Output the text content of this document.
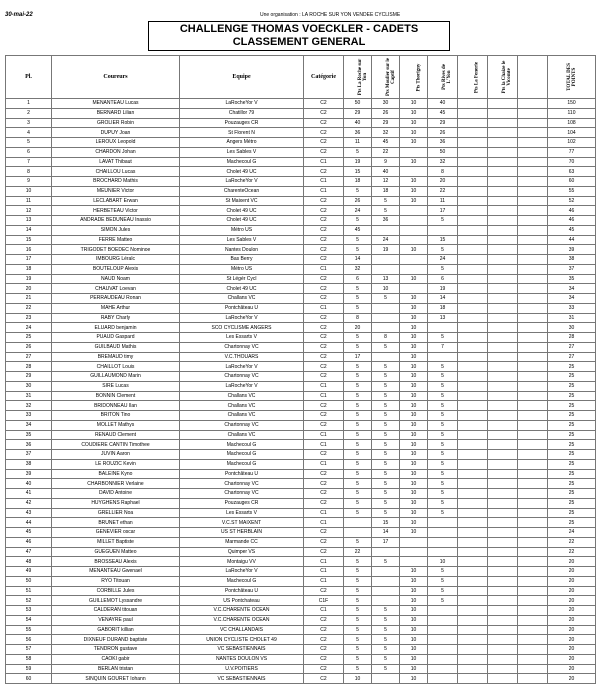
30-mai-22	Une organisation : LA ROCHE SUR YON VENDEE CYCLISME
CHALLENGE THOMAS VOECKLER - CADETS
CLASSEMENT GENERAL
Pl.	Coureurs	Equipe	Catégorie	Pts La Roche sur Yon	Pts Moulier sur le Captif	Pts Thorigny	Pts Rives de L'Yon	Pts La Fenerie	Pts la Chaize le Vicomte		TOTAL DES POINTS
1	MENANTEAU Lucas	LaRocheYor V	C2	50	30	10	40				150
2	BERNARD Lilian	Chatillor 79	C2	29	26	10	45				110
3	GROLIER Robin	Pouzauges CR	C2	40	29	10	29				108
4	DUPUY Joan	St Florent N	C2	36	32	10	26				104
5	LEROUX Leopold	Angers Métro	C2	11	45	10	36				102
6	CHARDON Johan	Les Sables V	C2	5	22		50				77
7	LAVAT Thibaut	Machecoul G	C1	19	9	10	32				70
8	CHAILLOU Lucas	Cholet 49 UC	C2	15	40		8				63
9	BROCHARD Mathis	LaRocheYor V	C1	18	12	10	20				60
10	MEUNIER Victor	CharenteOcean	C1	5	18	10	22				55
11	LECLABART Erwan	St Maixent VC	C2	26	5	10	11				52
12	HERBETEAU Victor	Cholet 49 UC	C2	24	5		17				46
13	ANDRADE BEDUNEAU Inassio	Cholet 49 UC	C2	5	36		5				46
14	SIMON Jules	Métro US	C2	45							45
15	FERRE Matteo	Les Sables V	C2	5	24		15				44
16	TRIGODET BOEDEC Nominoe	Nantes Doulon	C2	5	19	10	5				39
17	IMBOURG Léralc	Bas Berry	C2	14			24				38
18	BOUTELOUP Alexis	Métro US	C1	32			5				37
19	NAUD Noam	St Légér Cycl	C2	6	13	10	6				35
20	CHAUVAT Loevan	Cholet 49 UC	C2	5	10		19				34
21	PERRAUDEAU Ronan	Challans VC	C2	5	5	10	14				34
22	MAHE Arthur	Pontchâteau U	C1	5		10	18				33
23	RABY Charly	LaRocheYor V	C2	8		10	13				31
24	ELUARD benjamin	SCO CYCLISME ANGERS	C2	20		10					30
25	PUAUD Gaspard	Les Essarts V	C2	5	8	10	5				28
26	GUILBAUD Mathis	Chartonnay VC	C2	5	5	10	7				27
27	BREMAUD timy	V.C.THOUARS	C2	17		10					27
28	CHAILLOT Louis	LaRocheYor V	C2	5	5	10	5				25
29	GUILLAUMOND Marin	Chartonnay VC	C2	5	5	10	5				25
30	SIRE Lucas	LaRocheYor V	C1	5	5	10	5				25
31	BONNIN Clement	Challans VC	C1	5	5	10	5				25
32	BRIDONNEAU Ilan	Challans VC	C2	5	5	10	5				25
33	BRITON Tino	Challans VC	C2	5	5	10	5				25
34	MOLLET Mathys	Chartonnay VC	C2	5	5	10	5				25
35	RENAUD Clement	Challans VC	C1	5	5	10	5				25
36	COUDIERE CANTIN Timothee	Machecoul G	C1	5	5	10	5				25
37	JUVIN Aaron	Machecoul G	C2	5	5	10	5				25
38	LE ROUZIC Kevin	Machecoul G	C1	5	5	10	5				25
39	BALEINE Kyno	Pontchâteau U	C2	5	5	10	5				25
40	CHARBONNIER Verlaine	Chartonnay VC	C2	5	5	10	5				25
41	DAVID Antoine	Chartonnay VC	C2	5	5	10	5				25
42	HUYGHENS Raphael	Pouzauges CR	C2	5	5	10	5				25
43	GRELLIER Noa	Les Essarts V	C1	5	5	10	5				25
44	BRUNET ethan	V.C.ST MAIXENT	C1		15	10					25
45	GENEVIER oscar	US ST HERBLAIN	C2		14	10					24
46	MILLET Baptiste	Marmande CC	C2	5	17						22
47	GUEGUEN Matteo	Quimper VS	C2	22							22
48	BROSSEAU Alexis	Montaigu VV	C1	5	5		10				20
49	MENANTEAU Gwenael	LaRocheYor V	C1	5		10	5				20
50	RYO Titouan	Machecoul G	C1	5		10	5				20
51	CORBILLE Jules	Pontchâteau U	C2	5		10	5				20
52	GUILLEMOT Lyssandre	US Pontchateau	C1F	5		10	5				20
53	CALDERAN titouan	V.C.CHARENTE OCEAN	C1	5	5	10					20
54	VENAYRE paul	V.C.CHARENTE OCEAN	C2	5	5	10					20
55	GABORIT killian	VC CHALLANDAIS	C2	5	5	10					20
56	DIXNEUF DURAND baptiste	UNION CYCLISTE CHOLET 49	C2	5	5	10					20
57	TENDRON gustave	VC SEBASTIENNAIS	C2	5	5	10					20
58	CAOKI gabir	NANTES DOULON VS	C2	5	5	10					20
59	BERLAN tristan	U.V.POITIERS	C2	5	5	10					20
60	SINQUIN GOURET Iohann	VC SEBASTIENNAIS	C2	10		10					20
